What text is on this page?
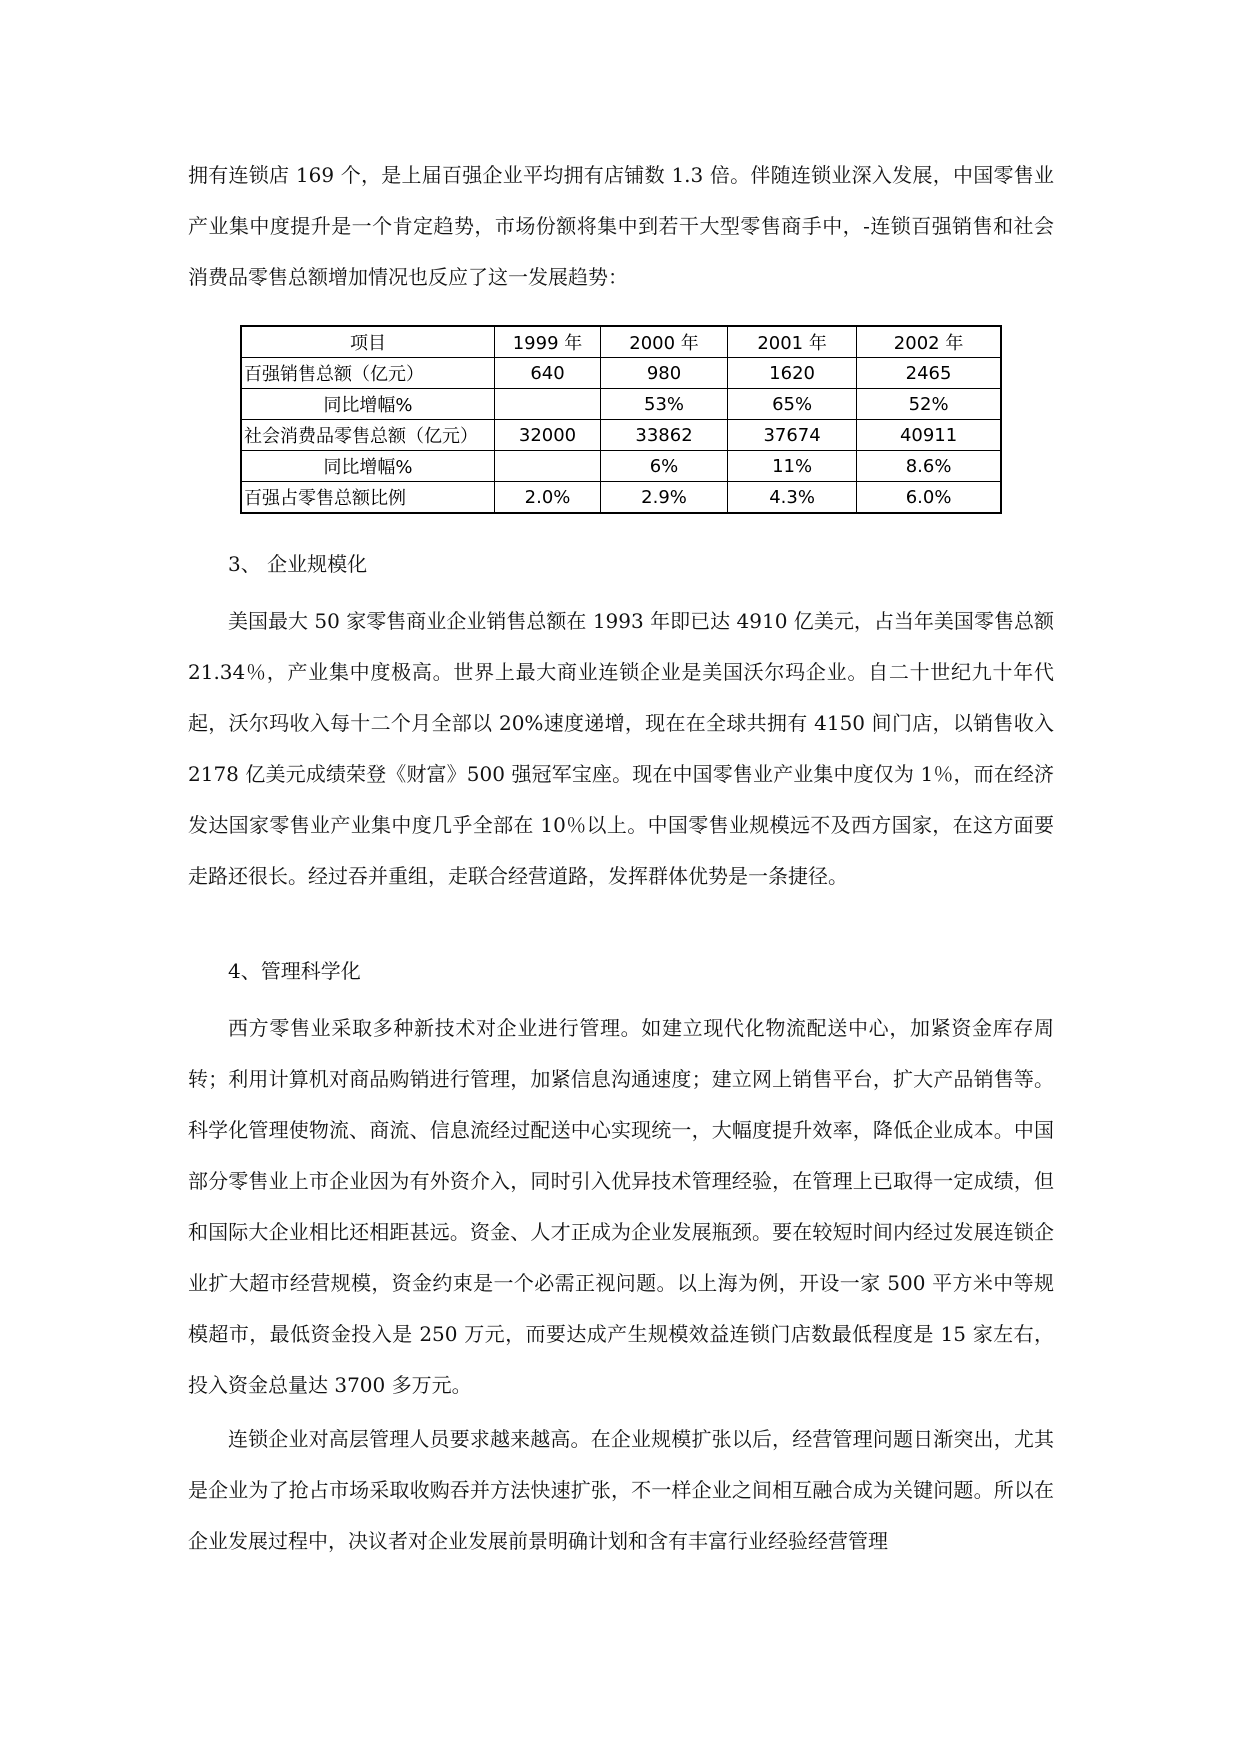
拥有连锁店 169 个，是上届百强企业平均拥有店铺数 1.3 倍。伴随连锁业深入发展，中国零售业产业集中度提升是一个肯定趋势，市场份额将集中到若干大型零售商手中，-连锁百强销售和社会消费品零售总额增加情况也反应了这一发展趋势：

项目	1999 年	2000 年	2001 年	2002 年
百强销售总额（亿元）	640	980	1620	2465
同比增幅%		53%	65%	52%
社会消费品零售总额（亿元）	32000	33862	37674	40911
同比增幅%		6%	11%	8.6%
百强占零售总额比例	2.0%	2.9%	4.3%	6.0%

3、 企业规模化

美国最大 50 家零售商业企业销售总额在 1993 年即已达 4910 亿美元，占当年美国零售总额 21.34％，产业集中度极高。世界上最大商业连锁企业是美国沃尔玛企业。自二十世纪九十年代起，沃尔玛收入每十二个月全部以 20%速度递增，现在在全球共拥有 4150 间门店，以销售收入 2178 亿美元成绩荣登《财富》500 强冠军宝座。现在中国零售业产业集中度仅为 1％，而在经济发达国家零售业产业集中度几乎全部在 10％以上。中国零售业规模远不及西方国家，在这方面要走路还很长。经过吞并重组，走联合经营道路，发挥群体优势是一条捷径。

4、管理科学化

西方零售业采取多种新技术对企业进行管理。如建立现代化物流配送中心，加紧资金库存周转；利用计算机对商品购销进行管理，加紧信息沟通速度；建立网上销售平台，扩大产品销售等。科学化管理使物流、商流、信息流经过配送中心实现统一，大幅度提升效率，降低企业成本。中国部分零售业上市企业因为有外资介入，同时引入优异技术管理经验，在管理上已取得一定成绩，但和国际大企业相比还相距甚远。资金、人才正成为企业发展瓶颈。要在较短时间内经过发展连锁企业扩大超市经营规模，资金约束是一个必需正视问题。以上海为例，开设一家 500 平方米中等规模超市，最低资金投入是 250 万元，而要达成产生规模效益连锁门店数最低程度是 15 家左右，投入资金总量达 3700 多万元。

连锁企业对高层管理人员要求越来越高。在企业规模扩张以后，经营管理问题日渐突出，尤其是企业为了抢占市场采取收购吞并方法快速扩张，不一样企业之间相互融合成为关键问题。所以在企业发展过程中，决议者对企业发展前景明确计划和含有丰富行业经验经营管理
